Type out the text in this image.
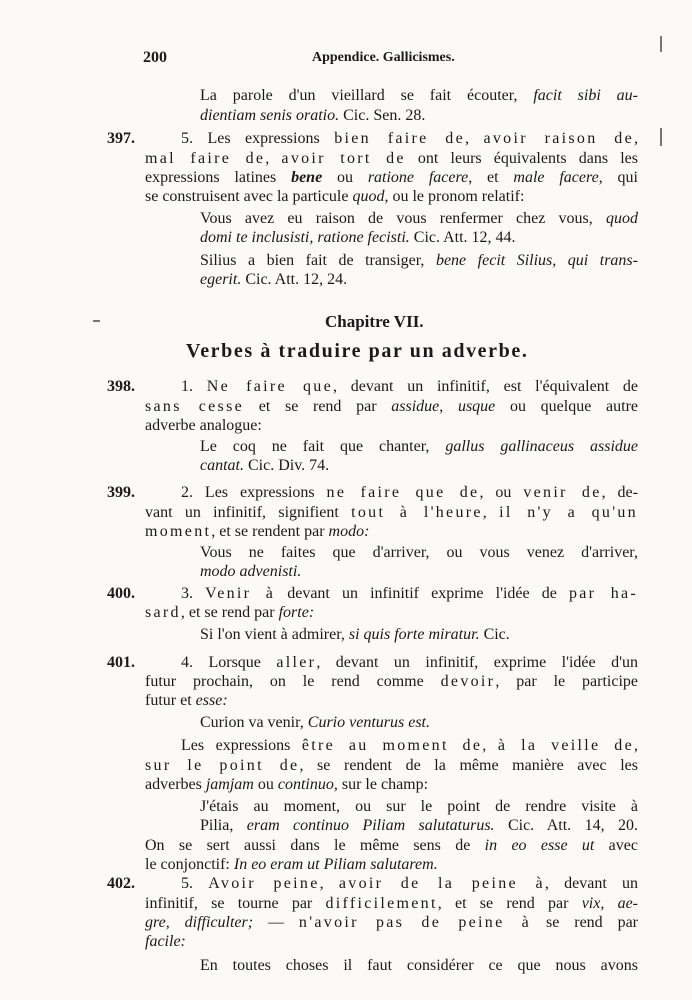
200	Appendice. Gallicismes.
397.
398.
399.
400.
401.
402.
La parole d'un vieillard se fait écouter, facit sibi au-
dientiam senis oratio. Cic. Sen. 28.
5. Les expressions bien faire de, avoir raison de,
mal faire de, avoir tort de ont leurs équivalents dans les
expressions latines bene ou ratione facere, et male facere, qui
se construisent avec la particule quod, ou le pronom relatif:
Vous avez eu raison de vous renfermer chez vous, quod
domi te inclusisti, ratione fecisti. Cic. Att. 12, 44.
Silius a bien fait de transiger, bene fecit Silius, qui trans-
egerit. Cic. Att. 12, 24.
Chapitre VII.
Verbes à traduire par un adverbe.
1. Ne faire que, devant un infinitif, est l'équivalent de
sans cesse et se rend par assidue, usque ou quelque autre
adverbe analogue:
Le coq ne fait que chanter, gallus gallinaceus assidue
cantat. Cic. Div. 74.
2. Les expressions ne faire que de, ou venir de, de-
vant un infinitif, signifient tout à l'heure, il n'y a qu'un
moment, et se rendent par modo:
Vous ne faites que d'arriver, ou vous venez d'arriver,
modo advenisti.
3. Venir à devant un infinitif exprime l'idée de par ha-
sard, et se rend par forte:
Si l'on vient à admirer, si quis forte miratur. Cic.
4. Lorsque aller, devant un infinitif, exprime l'idée d'un
futur prochain, on le rend comme devoir, par le participe
futur et esse:
Curion va venir, Curio venturus est.
Les expressions être au moment de, à la veille de,
sur le point de, se rendent de la même manière avec les
adverbes jamjam ou continuo, sur le champ:
J'étais au moment, ou sur le point de rendre visite à
Pilia, eram continuo Piliam salutaturus. Cic. Att. 14, 20.
On se sert aussi dans le même sens de in eo esse ut avec
le conjonctif: In eo eram ut Piliam salutarem.
5. Avoir peine, avoir de la peine à, devant un
infinitif, se tourne par difficilement, et se rend par vix, ae-
gre, difficulter; — n'avoir pas de peine à se rend par
facile:
En toutes choses il faut considérer ce que nous avons
